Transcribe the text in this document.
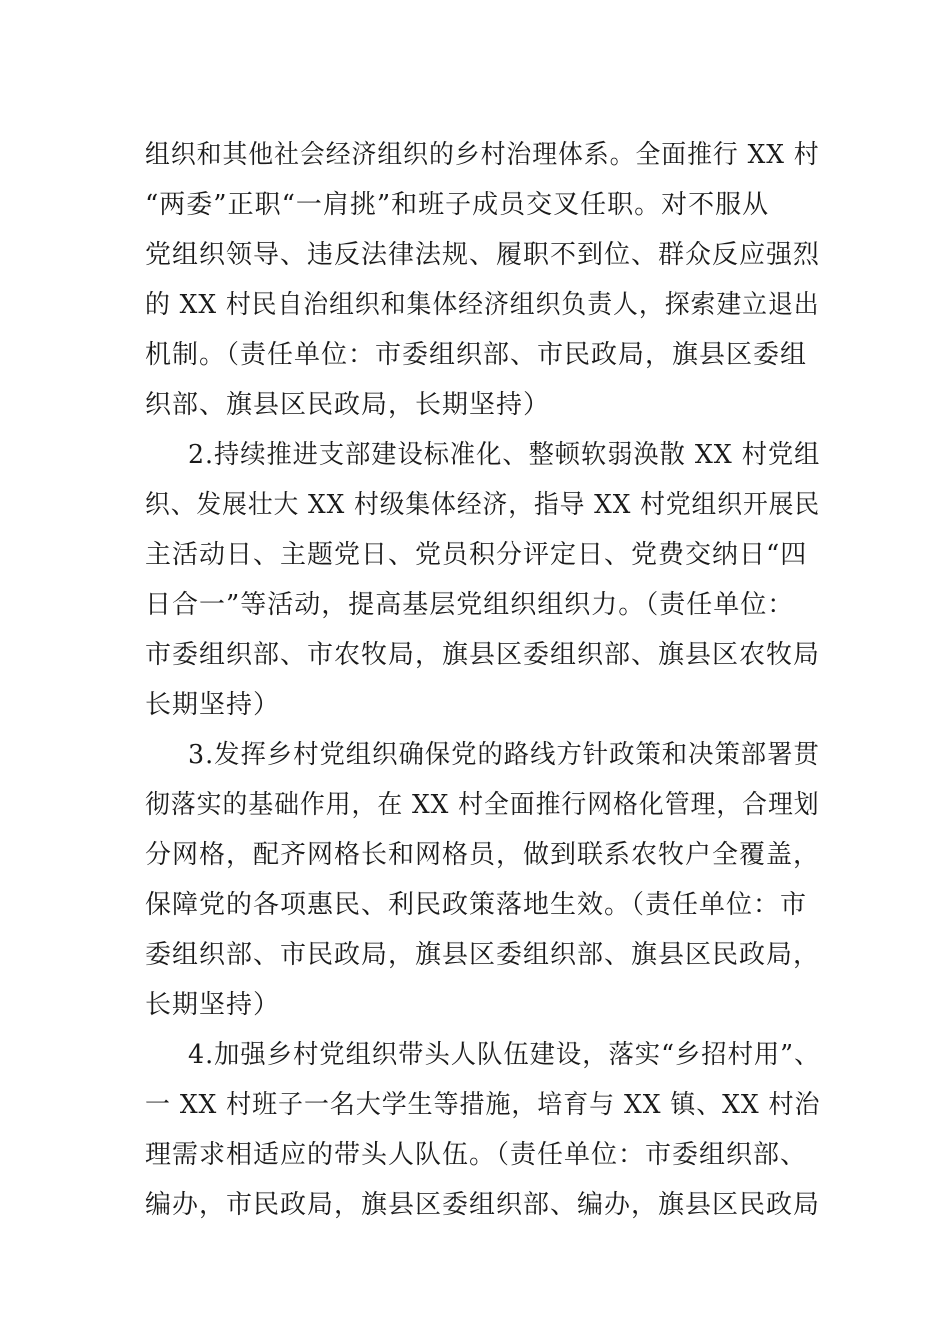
组织和其他社会经济组织的乡村治理体系。全面推行 XX 村

“两委”正职“一肩挑”和班子成员交叉任职。对不服从

党组织领导、违反法律法规、履职不到位、群众反应强烈

的 XX 村民自治组织和集体经济组织负责人，探索建立退出

机制。（责任单位：市委组织部、市民政局，旗县区委组

织部、旗县区民政局，长期坚持）

2.持续推进支部建设标准化、整顿软弱涣散 XX 村党组

织、发展壮大 XX 村级集体经济，指导 XX 村党组织开展民

主活动日、主题党日、党员积分评定日、党费交纳日“四

日合一”等活动，提高基层党组织组织力。（责任单位：

市委组织部、市农牧局，旗县区委组织部、旗县区农牧局

长期坚持）

3.发挥乡村党组织确保党的路线方针政策和决策部署贯

彻落实的基础作用，在 XX 村全面推行网格化管理，合理划

分网格，配齐网格长和网格员，做到联系农牧户全覆盖，

保障党的各项惠民、利民政策落地生效。（责任单位：市

委组织部、市民政局，旗县区委组织部、旗县区民政局，

长期坚持）

4.加强乡村党组织带头人队伍建设，落实“乡招村用”、

一 XX 村班子一名大学生等措施，培育与 XX 镇、XX 村治

理需求相适应的带头人队伍。（责任单位：市委组织部、

编办，市民政局，旗县区委组织部、编办，旗县区民政局
